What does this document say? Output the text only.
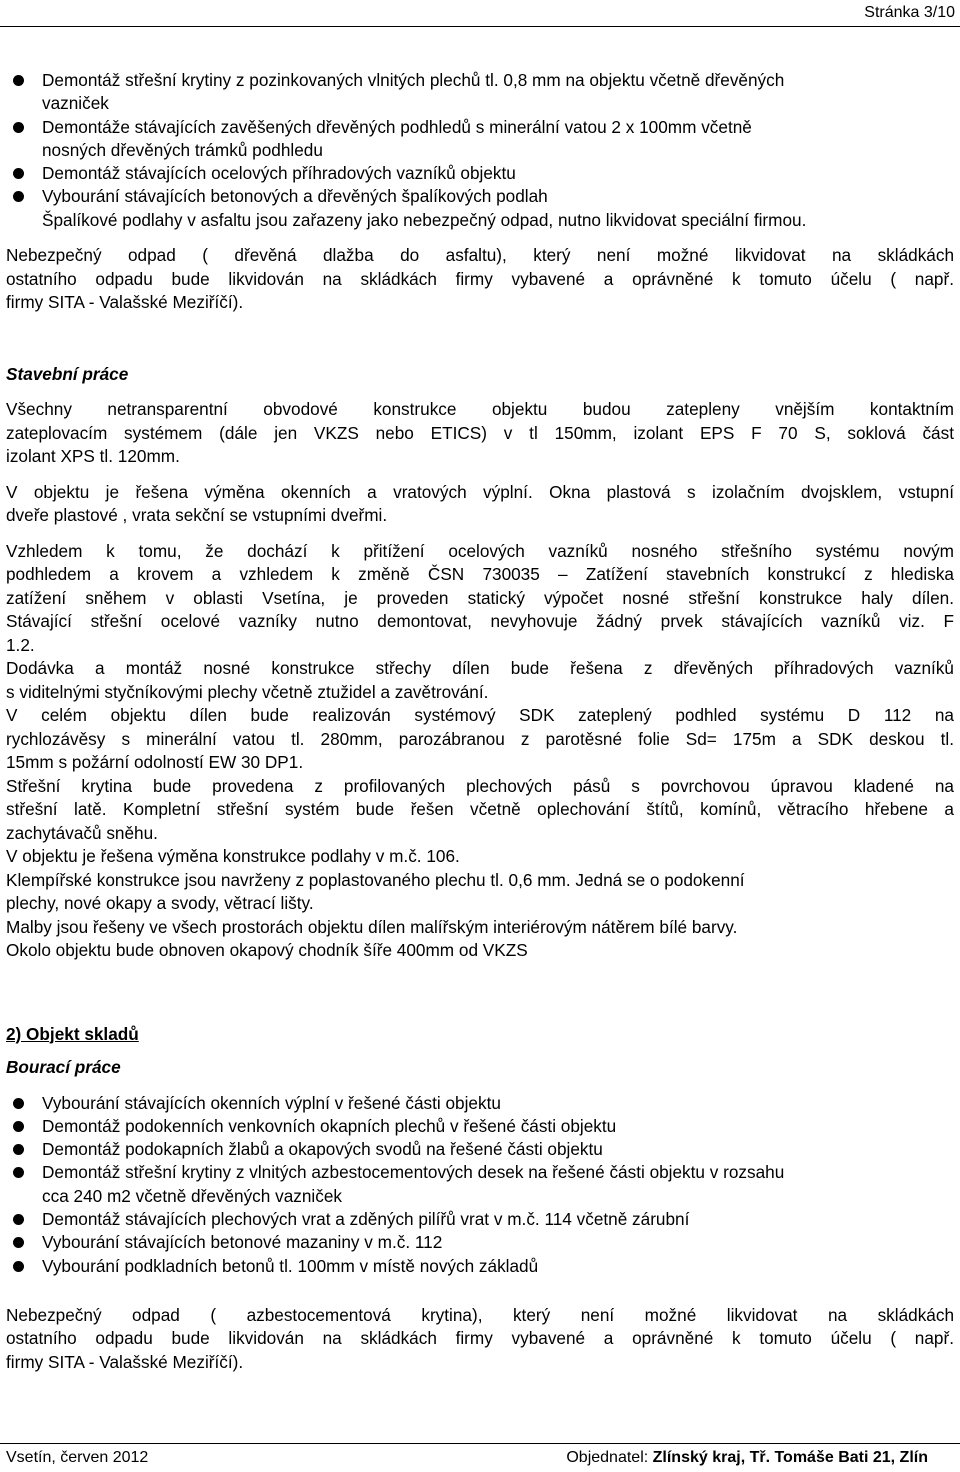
Stránka 3/10

Demontáž střešní krytiny z pozinkovaných vlnitých plechů tl. 0,8 mm na objektu včetně dřevěných
vazniček

Demontáže stávajících zavěšených dřevěných podhledů s minerální vatou 2 x 100mm včetně
nosných dřevěných trámků podhledu

Demontáž stávajících ocelových příhradových vazníků objektu

Vybourání stávajících betonových a dřevěných špalíkových podlah

Špalíkové podlahy v asfaltu jsou zařazeny jako nebezpečný odpad, nutno likvidovat speciální firmou.

Nebezpečný odpad ( dřevěná dlažba do asfaltu), který není možné likvidovat na skládkách

ostatního odpadu bude likvidován na skládkách firmy vybavené a oprávněné k tomuto účelu ( např.

firmy SITA - Valašské Meziříčí).

Stavební práce

Všechny netransparentní obvodové konstrukce objektu budou zatepleny vnějším kontaktním

zateplovacím systémem (dále jen VKZS nebo ETICS) v tl 150mm, izolant EPS F 70 S, soklová část

izolant XPS tl. 120mm.

V objektu je řešena výměna okenních a vratových výplní. Okna plastová s izolačním dvojsklem, vstupní

dveře plastové , vrata sekční se vstupními dveřmi.

Vzhledem k tomu, že dochází k přitížení ocelových vazníků nosného střešního systému novým

podhledem a krovem a vzhledem k změně ČSN 730035 – Zatížení stavebních konstrukcí z hlediska

zatížení sněhem v oblasti Vsetína, je proveden statický výpočet nosné střešní konstrukce haly dílen.

Stávající střešní ocelové vazníky nutno demontovat, nevyhovuje žádný prvek stávajících vazníků viz. F

1.2.

Dodávka a montáž nosné konstrukce střechy dílen bude řešena z dřevěných příhradových vazníků

s viditelnými styčníkovými plechy včetně ztužidel a zavětrování.

V celém objektu dílen bude realizován systémový SDK zateplený podhled systému D 112 na

rychlozávěsy s minerální vatou tl. 280mm, parozábranou z parotěsné folie Sd= 175m a SDK deskou tl.

15mm s požární odolností EW 30 DP1.

Střešní krytina bude provedena z profilovaných plechových pásů s povrchovou úpravou kladené na

střešní latě. Kompletní střešní systém bude řešen včetně oplechování štítů, komínů, větracího hřebene a

zachytávačů sněhu.

V objektu je řešena výměna konstrukce podlahy v m.č. 106.

Klempířské konstrukce jsou navrženy z poplastovaného plechu tl. 0,6 mm. Jedná se o podokenní

plechy, nové okapy a svody, větrací lišty.

Malby jsou řešeny ve všech prostorách objektu dílen malířským interiérovým nátěrem bílé barvy.

Okolo objektu bude obnoven okapový chodník šíře 400mm od VKZS

2) Objekt skladů

Bourací práce

Vybourání stávajících okenních výplní v řešené části objektu

Demontáž podokenních venkovních okapních plechů v řešené části objektu

Demontáž podokapních žlabů a okapových svodů na řešené části objektu

Demontáž střešní krytiny z vlnitých azbestocementových desek na řešené části objektu v rozsahu
cca 240 m2 včetně dřevěných vazniček

Demontáž stávajících plechových vrat a zděných pilířů vrat v m.č. 114 včetně zárubní

Vybourání stávajících betonové mazaniny v m.č. 112

Vybourání podkladních betonů tl. 100mm v místě nových základů

Nebezpečný odpad ( azbestocementová krytina), který není možné likvidovat na skládkách

ostatního odpadu bude likvidován na skládkách firmy vybavené a oprávněné k tomuto účelu ( např.

firmy SITA - Valašské Meziříčí).

Vsetín, červen 2012	Objednatel: Zlínský kraj, Tř. Tomáše Bati 21, Zlín
